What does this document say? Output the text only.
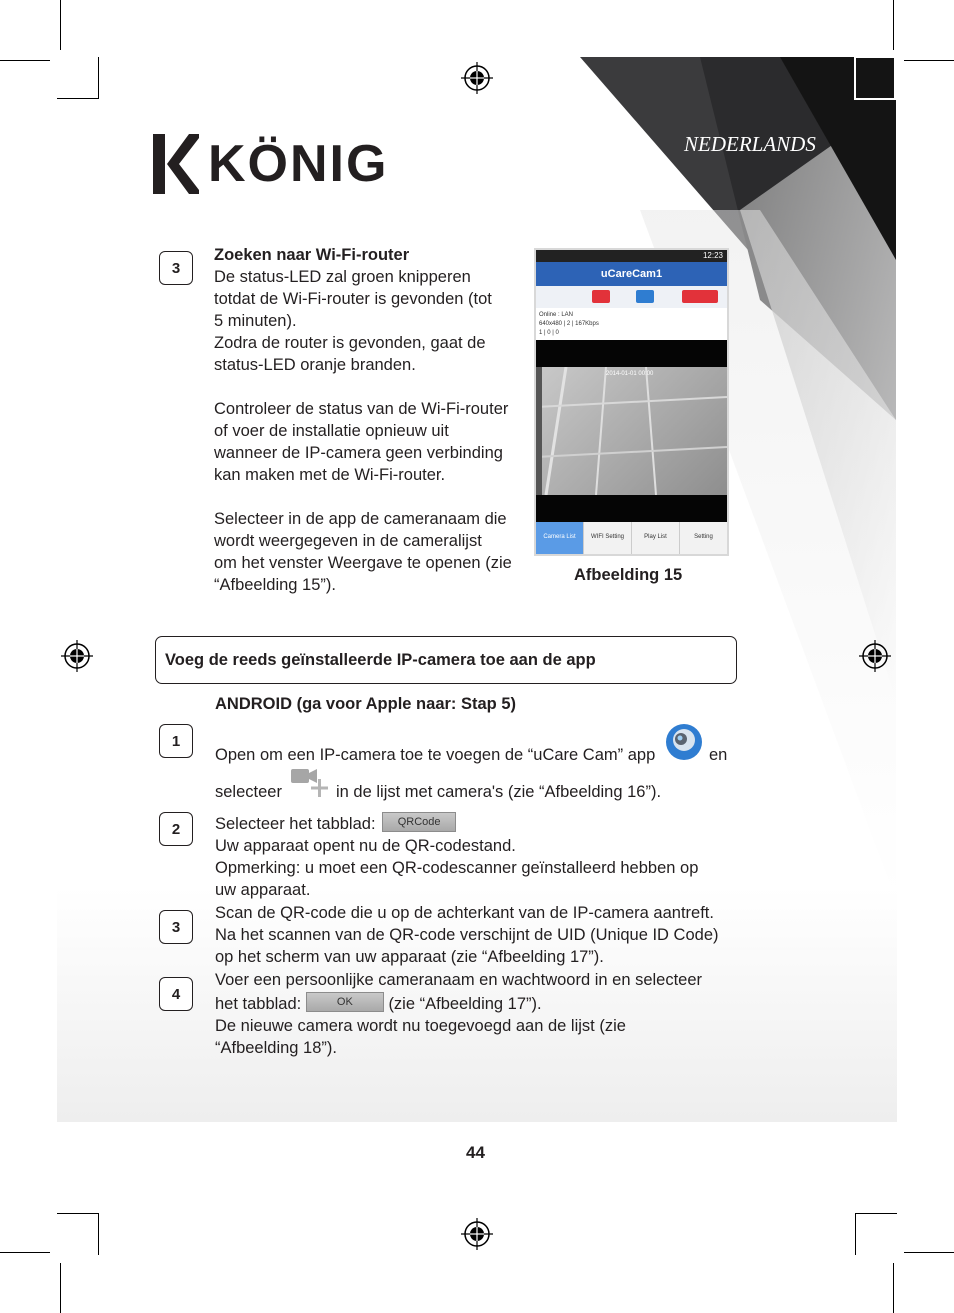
KÖNIG	NEDERLANDS
3
Zoeken naar Wi-Fi-router
De status-LED zal groen knipperen
totdat de Wi-Fi-router is gevonden (tot
5 minuten).
Zodra de router is gevonden, gaat de
status-LED oranje branden.
Controleer de status van de Wi-Fi-router
of voer de installatie opnieuw uit
wanneer de IP-camera geen verbinding
kan maken met de Wi-Fi-router.
Selecteer in de app de cameranaam die
wordt weergegeven in de cameralijst
om het venster Weergave te openen (zie
“Afbeelding 15”).
12:23
uCareCam1
Online : LAN
640x480 | 2 | 167Kbps
1 | 0 | 0
2014-01-01 00:00
Camera List	WIFI Setting	Play List	Setting
Afbeelding 15
Voeg de reeds geïnstalleerde IP-camera toe aan de app
ANDROID (ga voor Apple naar: Stap 5)
1
Open om een IP-camera toe te voegen de “uCare Cam” app	en
selecteer	in de lijst met camera's (zie “Afbeelding 16”).
2	Selecteer het tabblad: QRCode
Uw apparaat opent nu de QR-codestand.
Opmerking: u moet een QR-codescanner geïnstalleerd hebben op
uw apparaat.
3
Scan de QR-code die u op de achterkant van de IP-camera aantreft.
Na het scannen van de QR-code verschijnt de UID (Unique ID Code)
op het scherm van uw apparaat (zie “Afbeelding 17”).
4
Voer een persoonlijke cameranaam en wachtwoord in en selecteer
het tabblad:	OK (zie “Afbeelding 17”).
De nieuwe camera wordt nu toegevoegd aan de lijst (zie
“Afbeelding 18”).
44
